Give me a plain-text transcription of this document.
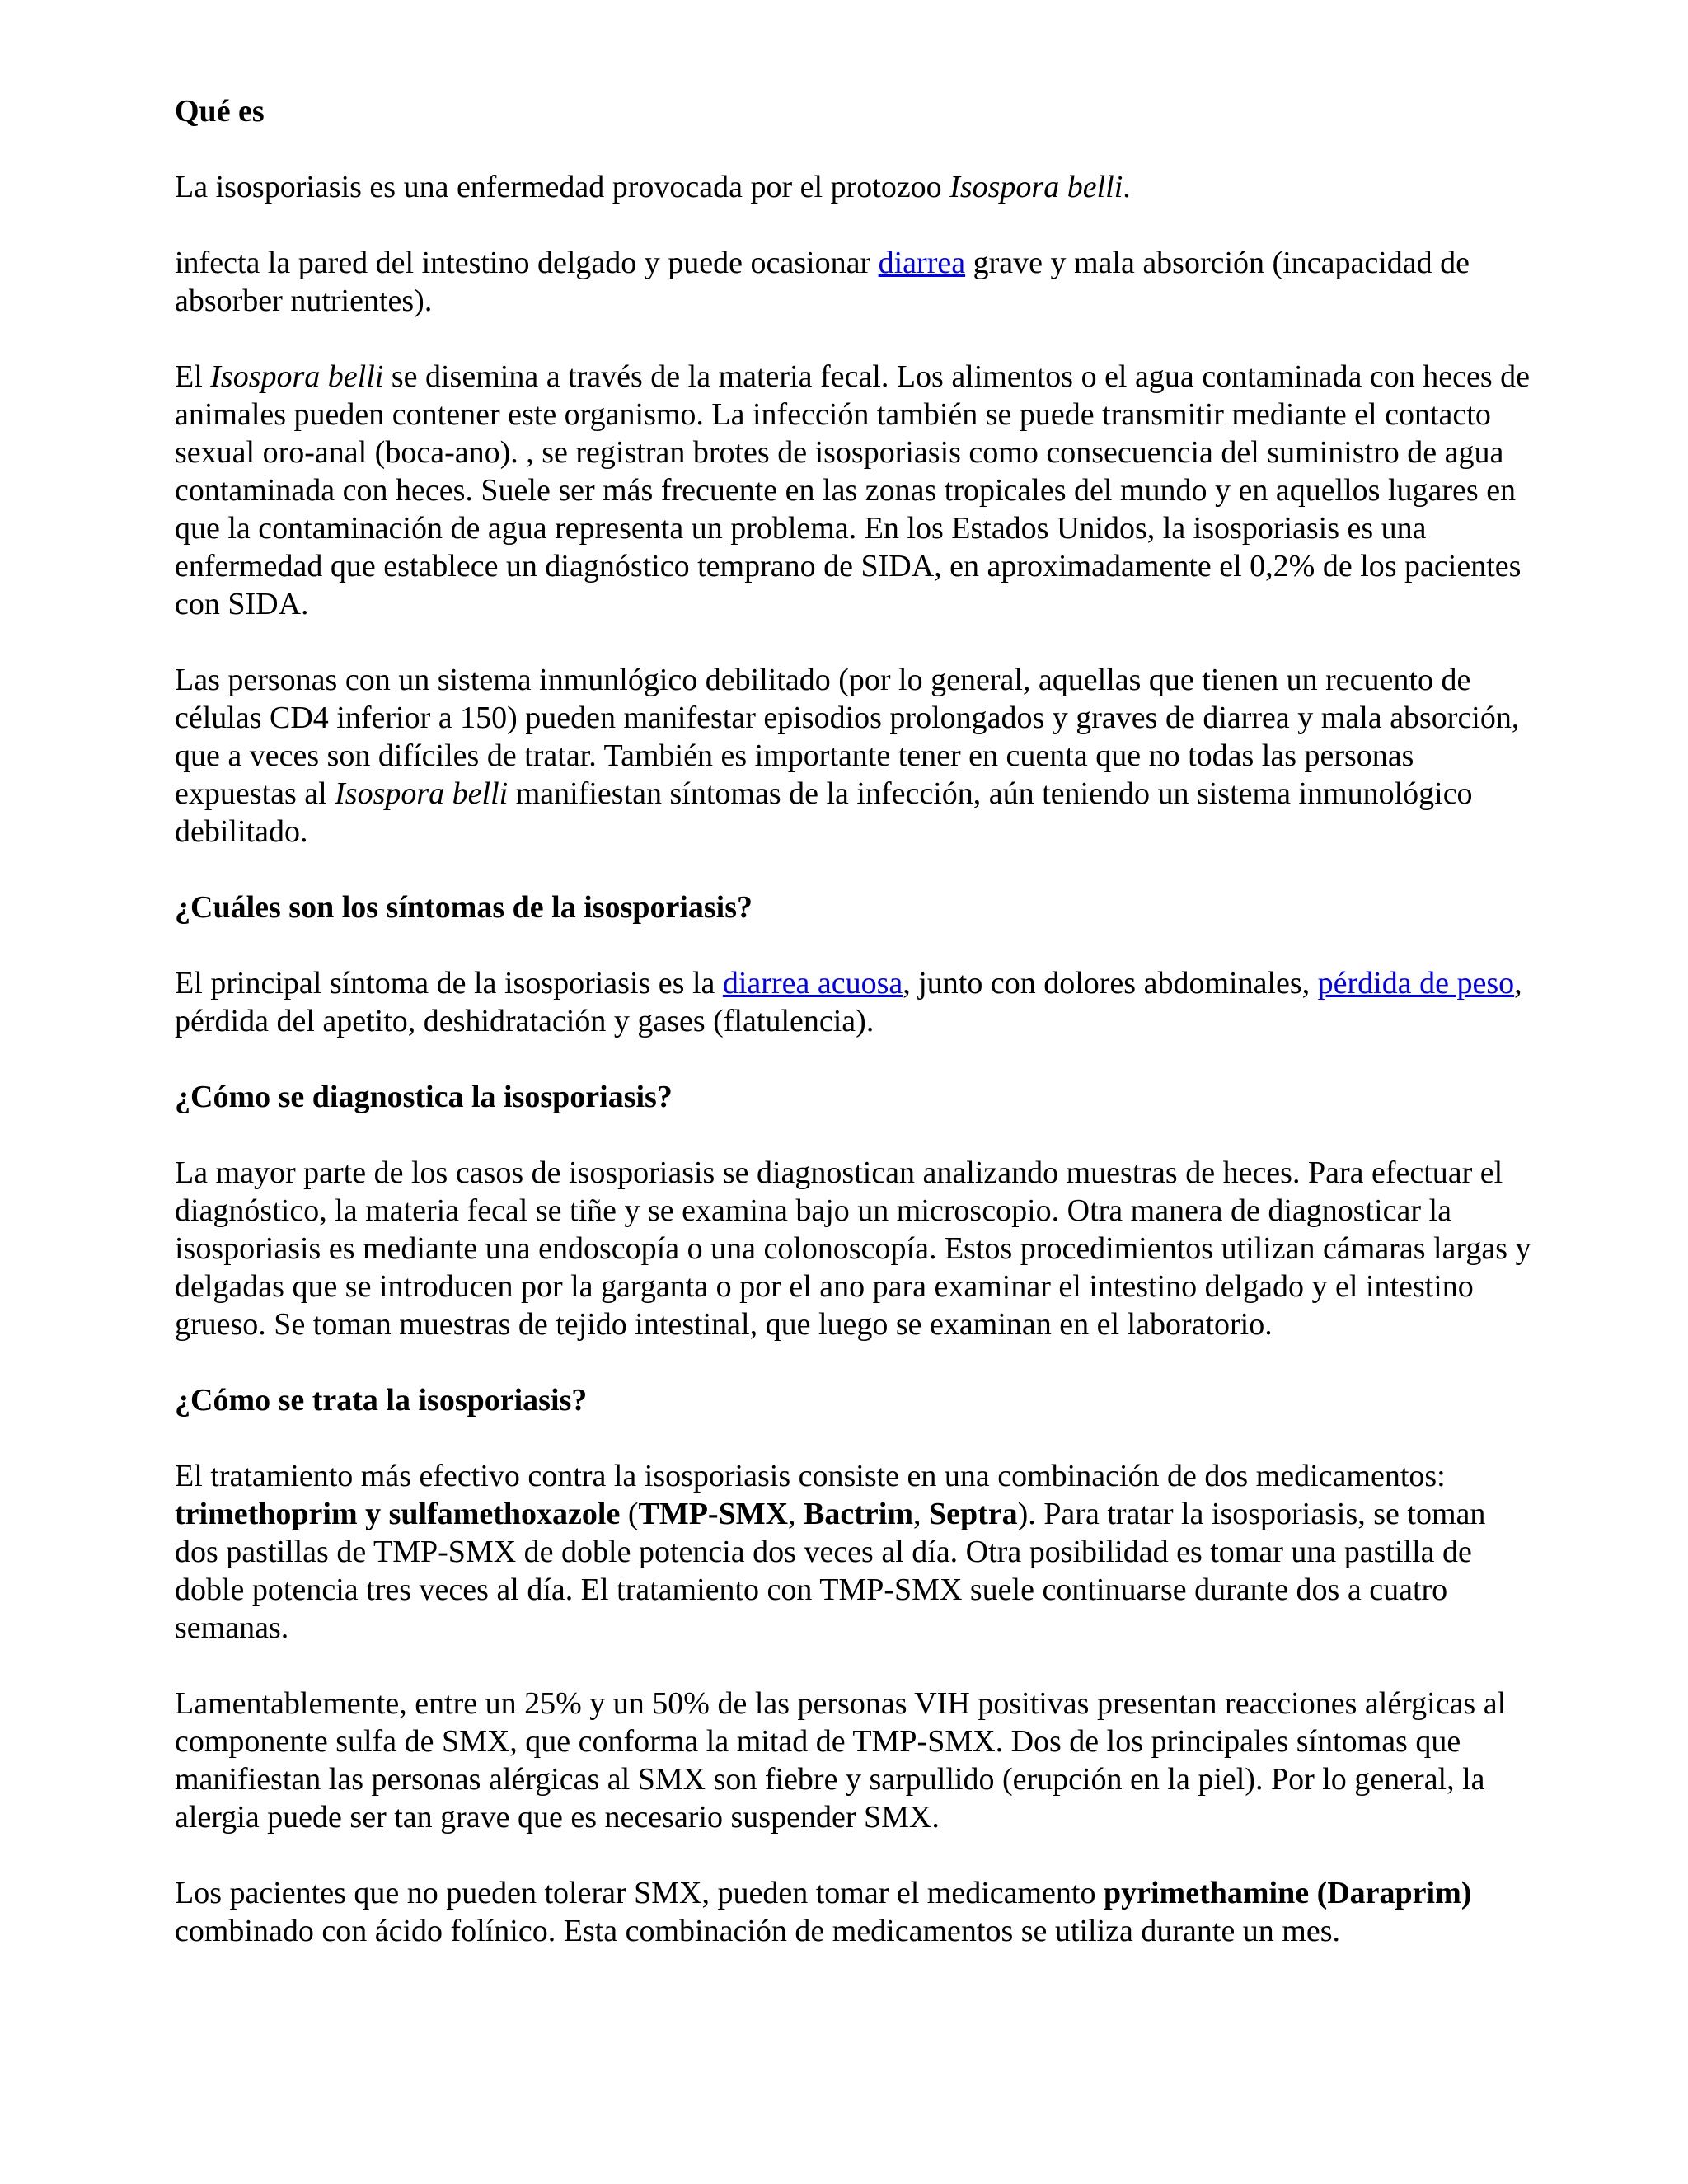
Qué es

La isosporiasis es una enfermedad provocada por el protozoo Isospora belli.

infecta la pared del intestino delgado y puede ocasionar diarrea grave y mala absorción (incapacidad de absorber nutrientes).

El Isospora belli se disemina a través de la materia fecal. Los alimentos o el agua contaminada con heces de animales pueden contener este organismo. La infección también se puede transmitir mediante el contacto sexual oro-anal (boca-ano). , se registran brotes de isosporiasis como consecuencia del suministro de agua contaminada con heces. Suele ser más frecuente en las zonas tropicales del mundo y en aquellos lugares en que la contaminación de agua representa un problema. En los Estados Unidos, la isosporiasis es una enfermedad que establece un diagnóstico temprano de SIDA, en aproximadamente el 0,2% de los pacientes con SIDA.

Las personas con un sistema inmunlógico debilitado (por lo general, aquellas que tienen un recuento de células CD4 inferior a 150) pueden manifestar episodios prolongados y graves de diarrea y mala absorción, que a veces son difíciles de tratar. También es importante tener en cuenta que no todas las personas expuestas al Isospora belli manifiestan síntomas de la infección, aún teniendo un sistema inmunológico debilitado.

¿Cuáles son los síntomas de la isosporiasis?

El principal síntoma de la isosporiasis es la diarrea acuosa, junto con dolores abdominales, pérdida de peso, pérdida del apetito, deshidratación y gases (flatulencia).

¿Cómo se diagnostica la isosporiasis?

La mayor parte de los casos de isosporiasis se diagnostican analizando muestras de heces. Para efectuar el diagnóstico, la materia fecal se tiñe y se examina bajo un microscopio. Otra manera de diagnosticar la isosporiasis es mediante una endoscopía o una colonoscopía. Estos procedimientos utilizan cámaras largas y delgadas que se introducen por la garganta o por el ano para examinar el intestino delgado y el intestino grueso. Se toman muestras de tejido intestinal, que luego se examinan en el laboratorio.

¿Cómo se trata la isosporiasis?

El tratamiento más efectivo contra la isosporiasis consiste en una combinación de dos medicamentos: trimethoprim y sulfamethoxazole (TMP-SMX, Bactrim, Septra). Para tratar la isosporiasis, se toman dos pastillas de TMP-SMX de doble potencia dos veces al día. Otra posibilidad es tomar una pastilla de doble potencia tres veces al día. El tratamiento con TMP-SMX suele continuarse durante dos a cuatro semanas.

Lamentablemente, entre un 25% y un 50% de las personas VIH positivas presentan reacciones alérgicas al componente sulfa de SMX, que conforma la mitad de TMP-SMX. Dos de los principales síntomas que manifiestan las personas alérgicas al SMX son fiebre y sarpullido (erupción en la piel). Por lo general, la alergia puede ser tan grave que es necesario suspender SMX.

Los pacientes que no pueden tolerar SMX, pueden tomar el medicamento pyrimethamine (Daraprim) combinado con ácido folínico. Esta combinación de medicamentos se utiliza durante un mes.
